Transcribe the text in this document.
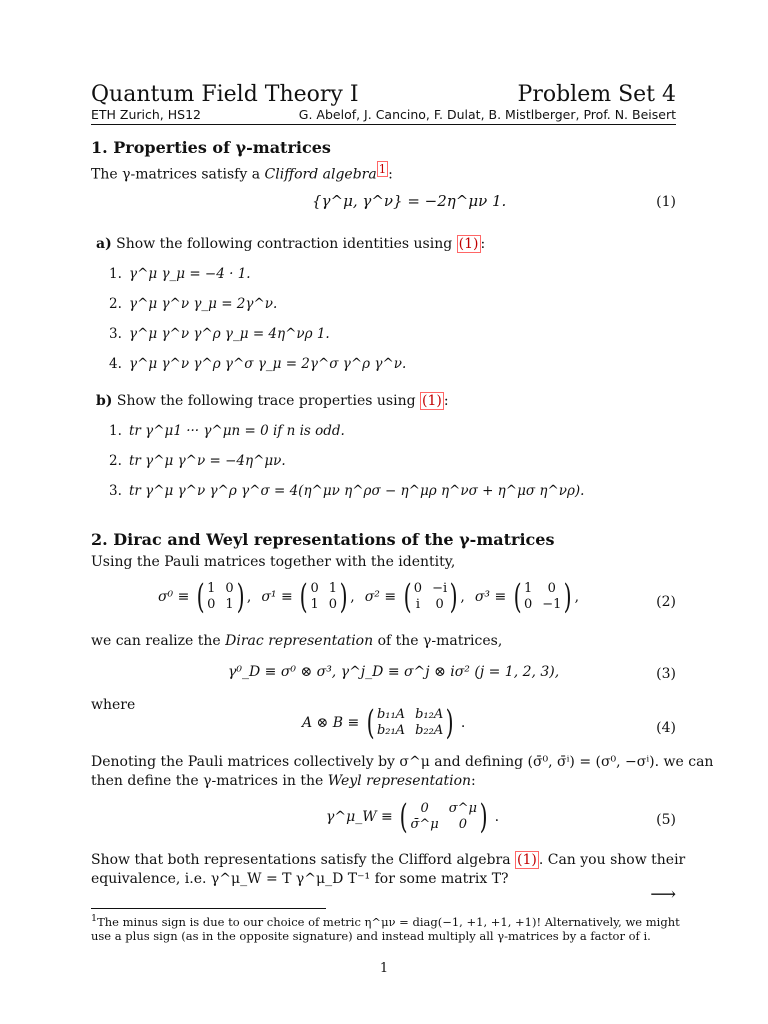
Quantum Field Theory I	Problem Set 4
ETH Zurich, HS12	G. Abelof, J. Cancino, F. Dulat, B. Mistlberger, Prof. N. Beisert
1. Properties of γ-matrices
The γ-matrices satisfy a Clifford algebra $^1$ :
{γ^μ, γ^ν} = −2η^μν 1.	(1)
a) Show the following contraction identities using (1) :
1. γ^μ γ_μ = −4 · 1.
2. γ^μ γ^ν γ_μ = 2γ^ν.
3. γ^μ γ^ν γ^ρ γ_μ = 4η^νρ 1.
4. γ^μ γ^ν γ^ρ γ^σ γ_μ = 2γ^σ γ^ρ γ^ν.
b) Show the following trace properties using (1) :
1. tr γ^μ1 ··· γ^μn = 0 if n is odd.
2. tr γ^μ γ^ν = −4η^μν.
3. tr γ^μ γ^ν γ^ρ γ^σ = 4(η^μν η^ρσ − η^μρ η^νσ + η^μσ η^νρ).
2. Dirac and Weyl representations of the γ-matrices
Using the Pauli matrices together with the identity,
σ⁰ ≡
( 1 0
0 1 ) , σ¹ ≡
( 0 1
1 0 ) , σ² ≡
( 0 −i
i 0 ) , σ³ ≡
( 1	0
0 −1 ) ,	(2)
we can realize the Dirac representation of the γ-matrices,
γ⁰_D ≡ σ⁰ ⊗ σ³, γ^j_D ≡ σ^j ⊗ iσ² (j = 1, 2, 3),	(3)
where
A ⊗ B ≡
( b₁₁A b₁₂A
b₂₁A b₂₂A ) .	(4)
Denoting the Pauli matrices collectively by σ^μ and defining (σ̄⁰, σ̄ⁱ) = (σ⁰, −σⁱ). we can
then define the γ-matrices in the Weyl representation:
γ^μ_W ≡
( 0	σ^μ
σ̄^μ	0 ) .	(5)
Show that both representations satisfy the Clifford algebra (1) . Can you show their
equivalence, i.e. γ^μ_W = T γ^μ_D T⁻¹ for some matrix T?
⟶
$^1$The minus sign is due to our choice of metric η^μν = diag(−1, +1, +1, +1)! Alternatively, we might
use a plus sign (as in the opposite signature) and instead multiply all γ-matrices by a factor of i.
1
